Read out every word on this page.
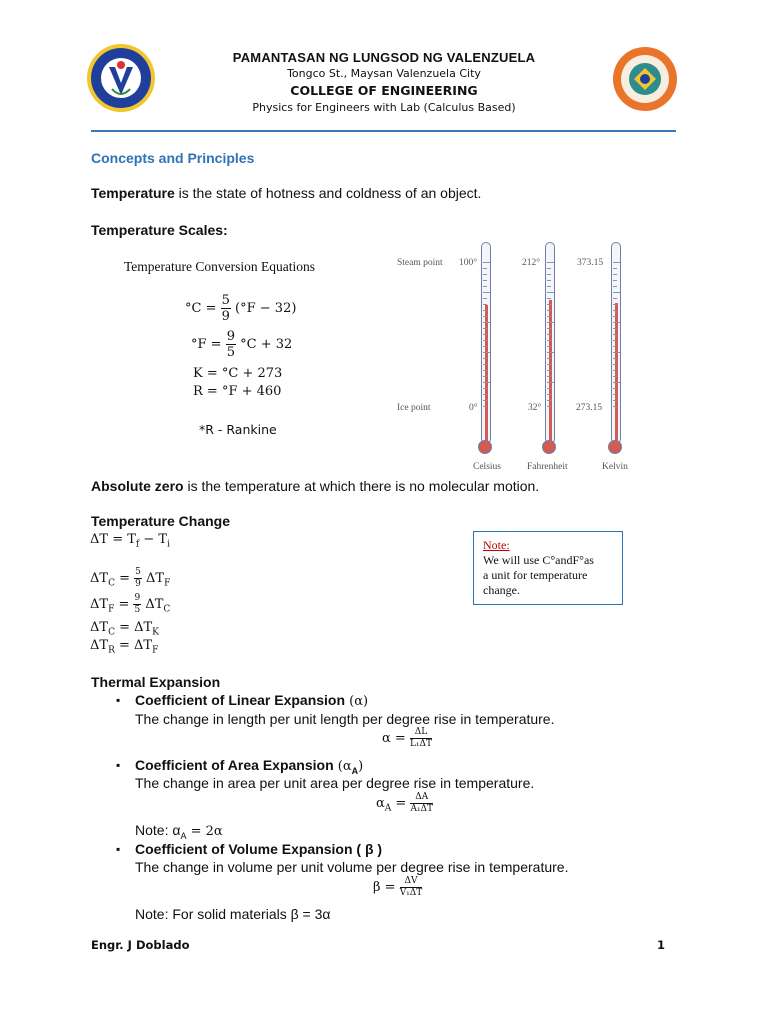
PAMANTASAN NG LUNGSOD NG VALENZUELA
Tongco St., Maysan Valenzuela City
COLLEGE OF ENGINEERING
Physics for Engineers with Lab (Calculus Based)
Concepts and Principles
Temperature is the state of hotness and coldness of an object.
Temperature Scales:
Temperature Conversion Equations
$^\circ C = \frac{5}{9} (^\circ F - 32)$
$^\circ F = \frac{9}{5} ^\circ C + 32$
K = °C + 273
R = °F + 460
*R - Rankine
Steam point
Ice point
100°
0°
Celsius
212°
32°
Fahrenheit
373.15
273.15
Kelvin
Absolute zero is the temperature at which there is no molecular motion.
Temperature Change
$\Delta T = T_f - T_i$
$\Delta T_C = \frac{5}{9} \Delta T_F$
$\Delta T_F = \frac{9}{5} \Delta T_C$
$\Delta T_C = \Delta T_K$
$\Delta T_R = \Delta T_F$
Note:
We will use C°andF°as
a unit for temperature
change.
Thermal Expansion
▪ Coefficient of Linear Expansion (α)
The change in length per unit length per degree rise in temperature.
$\alpha = \frac{\Delta L}{\text{L₁ΔT}}$
▪ Coefficient of Area Expansion $(\alpha_A)$
The change in area per unit area per degree rise in temperature.
$\alpha_A = \frac{\Delta A}{\text{A₁ΔT}}$
Note: $\alpha_A = 2\alpha$
▪ Coefficient of Volume Expansion ( β )
The change in volume per unit volume per degree rise in temperature.
$\beta = \frac{\Delta V}{\text{V₁ΔT}}$
Note: For solid materials β = 3α
Engr. J Doblado	1
